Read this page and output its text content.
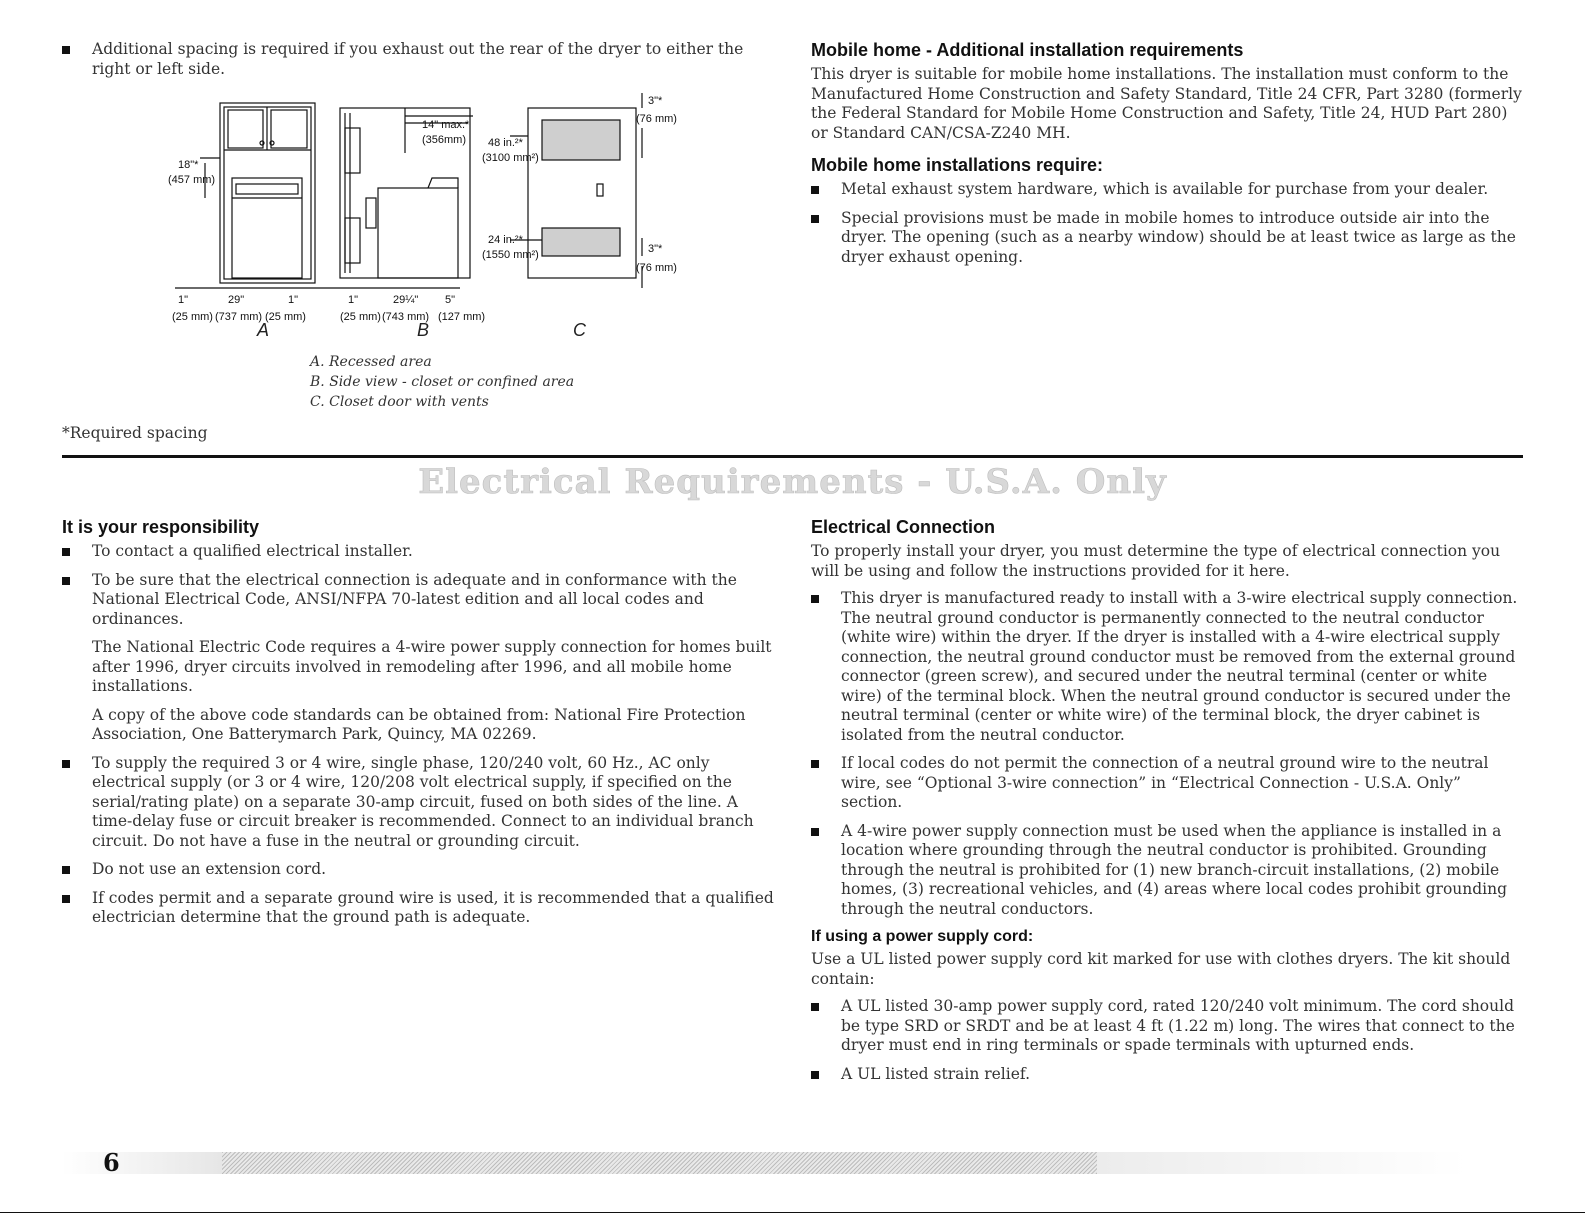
Additional spacing is required if you exhaust out the rear of the dryer to either the right or left side.
18"*
(457 mm)
1"	29"	1"
(25 mm) (737 mm) (25 mm)
14" max.*
(356mm)
1"	29¼" 5"
(25 mm) (743 mm) (127 mm)
48 in.²*
(3100 mm²)
24 in.²*
(1550 mm²)
3"*
(76 mm)
3"*
(76 mm)
A	B	C
A. Recessed area
B. Side view - closet or confined area
C. Closet door with vents
*Required spacing
Mobile home - Additional installation requirements

This dryer is suitable for mobile home installations. The installation must conform to the Manufactured Home Construction and Safety Standard, Title 24 CFR, Part 3280 (formerly the Federal Standard for Mobile Home Construction and Safety, Title 24, HUD Part 280) or Standard CAN/CSA-Z240 MH.

Mobile home installations require:
Metal exhaust system hardware, which is available for purchase from your dealer.
Special provisions must be made in mobile homes to introduce outside air into the dryer. The opening (such as a nearby window) should be at least twice as large as the dryer exhaust opening.
Electrical Requirements - U.S.A. Only
It is your responsibility
To contact a qualified electrical installer.
To be sure that the electrical connection is adequate and in conformance with the National Electrical Code, ANSI/NFPA 70-latest edition and all local codes and ordinances.

The National Electric Code requires a 4-wire power supply connection for homes built after 1996, dryer circuits involved in remodeling after 1996, and all mobile home installations.

A copy of the above code standards can be obtained from: National Fire Protection Association, One Batterymarch Park, Quincy, MA 02269.

To supply the required 3 or 4 wire, single phase, 120/240 volt, 60 Hz., AC only electrical supply (or 3 or 4 wire, 120/208 volt electrical supply, if specified on the serial/rating plate) on a separate 30-amp circuit, fused on both sides of the line. A time-delay fuse or circuit breaker is recommended. Connect to an individual branch circuit. Do not have a fuse in the neutral or grounding circuit.
Do not use an extension cord.
If codes permit and a separate ground wire is used, it is recommended that a qualified electrician determine that the ground path is adequate.
Electrical Connection

To properly install your dryer, you must determine the type of electrical connection you will be using and follow the instructions provided for it here.

This dryer is manufactured ready to install with a 3-wire electrical supply connection. The neutral ground conductor is permanently connected to the neutral conductor (white wire) within the dryer. If the dryer is installed with a 4-wire electrical supply connection, the neutral ground conductor must be removed from the external ground connector (green screw), and secured under the neutral terminal (center or white wire) of the terminal block. When the neutral ground conductor is secured under the neutral terminal (center or white wire) of the terminal block, the dryer cabinet is isolated from the neutral conductor.
If local codes do not permit the connection of a neutral ground wire to the neutral wire, see “Optional 3-wire connection” in “Electrical Connection - U.S.A. Only” section.
A 4-wire power supply connection must be used when the appliance is installed in a location where grounding through the neutral conductor is prohibited. Grounding through the neutral is prohibited for (1) new branch-circuit installations, (2) mobile homes, (3) recreational vehicles, and (4) areas where local codes prohibit grounding through the neutral conductors.
If using a power supply cord:

Use a UL listed power supply cord kit marked for use with clothes dryers. The kit should contain:

A UL listed 30-amp power supply cord, rated 120/240 volt minimum. The cord should be type SRD or SRDT and be at least 4 ft (1.22 m) long. The wires that connect to the dryer must end in ring terminals or spade terminals with upturned ends.
A UL listed strain relief.
6
